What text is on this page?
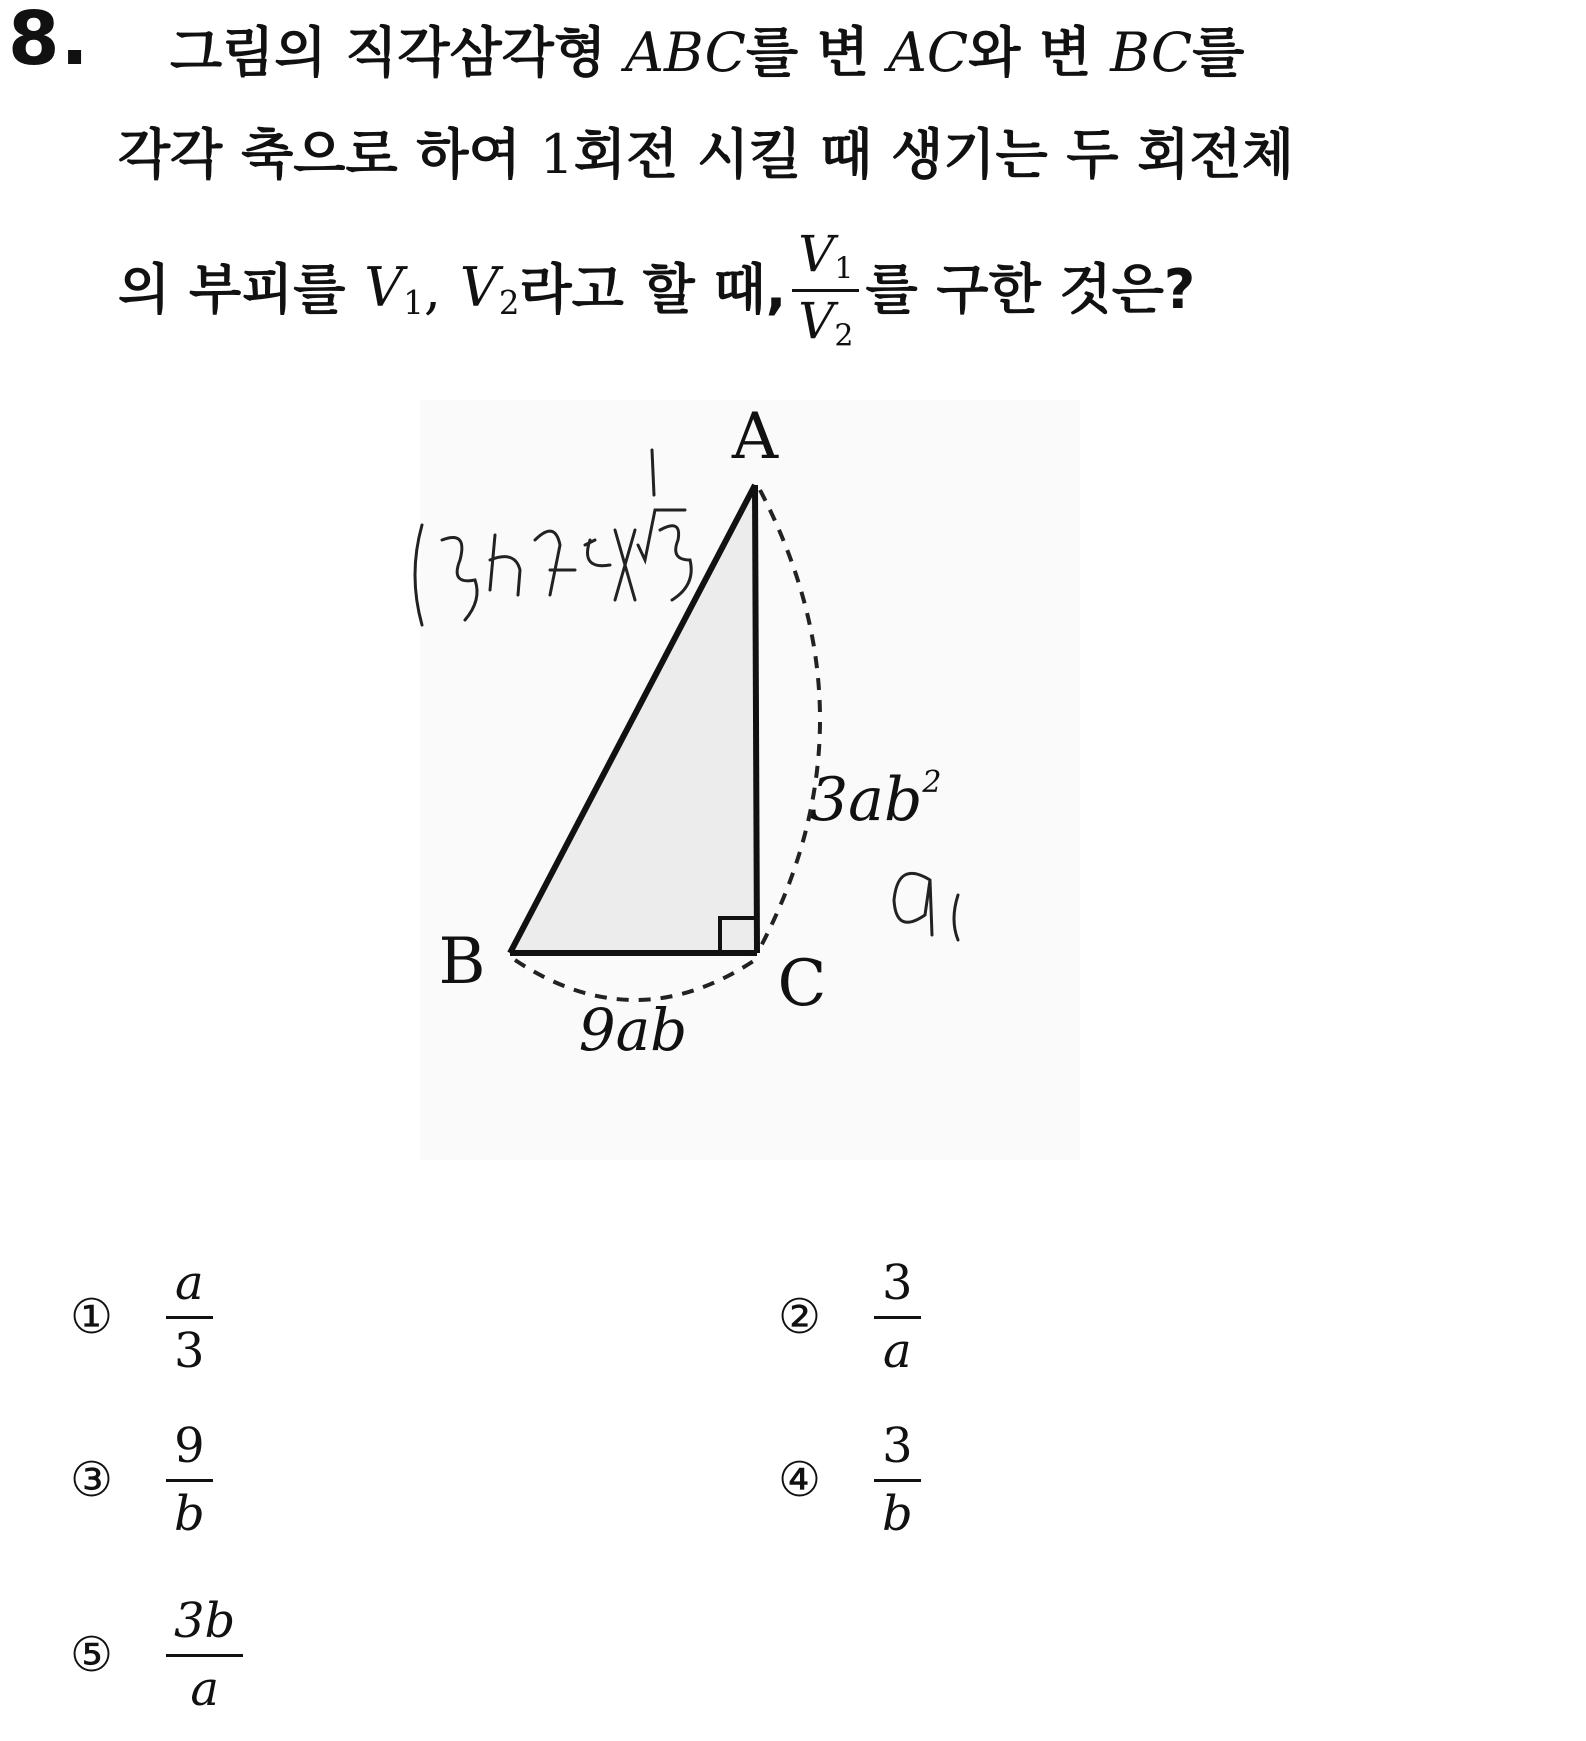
8. 그림의 직각삼각형 ABC를 변 AC와 변 BC를
각각 축으로 하여 1회전 시킬 때 생기는 두 회전체
의 부피를
$V_1$ ,
$V_2$ 라고 할 때, $\frac{V_1}{V_2}$ 를 구한 것은?
A
B	C
$3ab^2$
9ab
①
a
3
②
3
a
③
9
b
④
3
b
⑤
3b
a
